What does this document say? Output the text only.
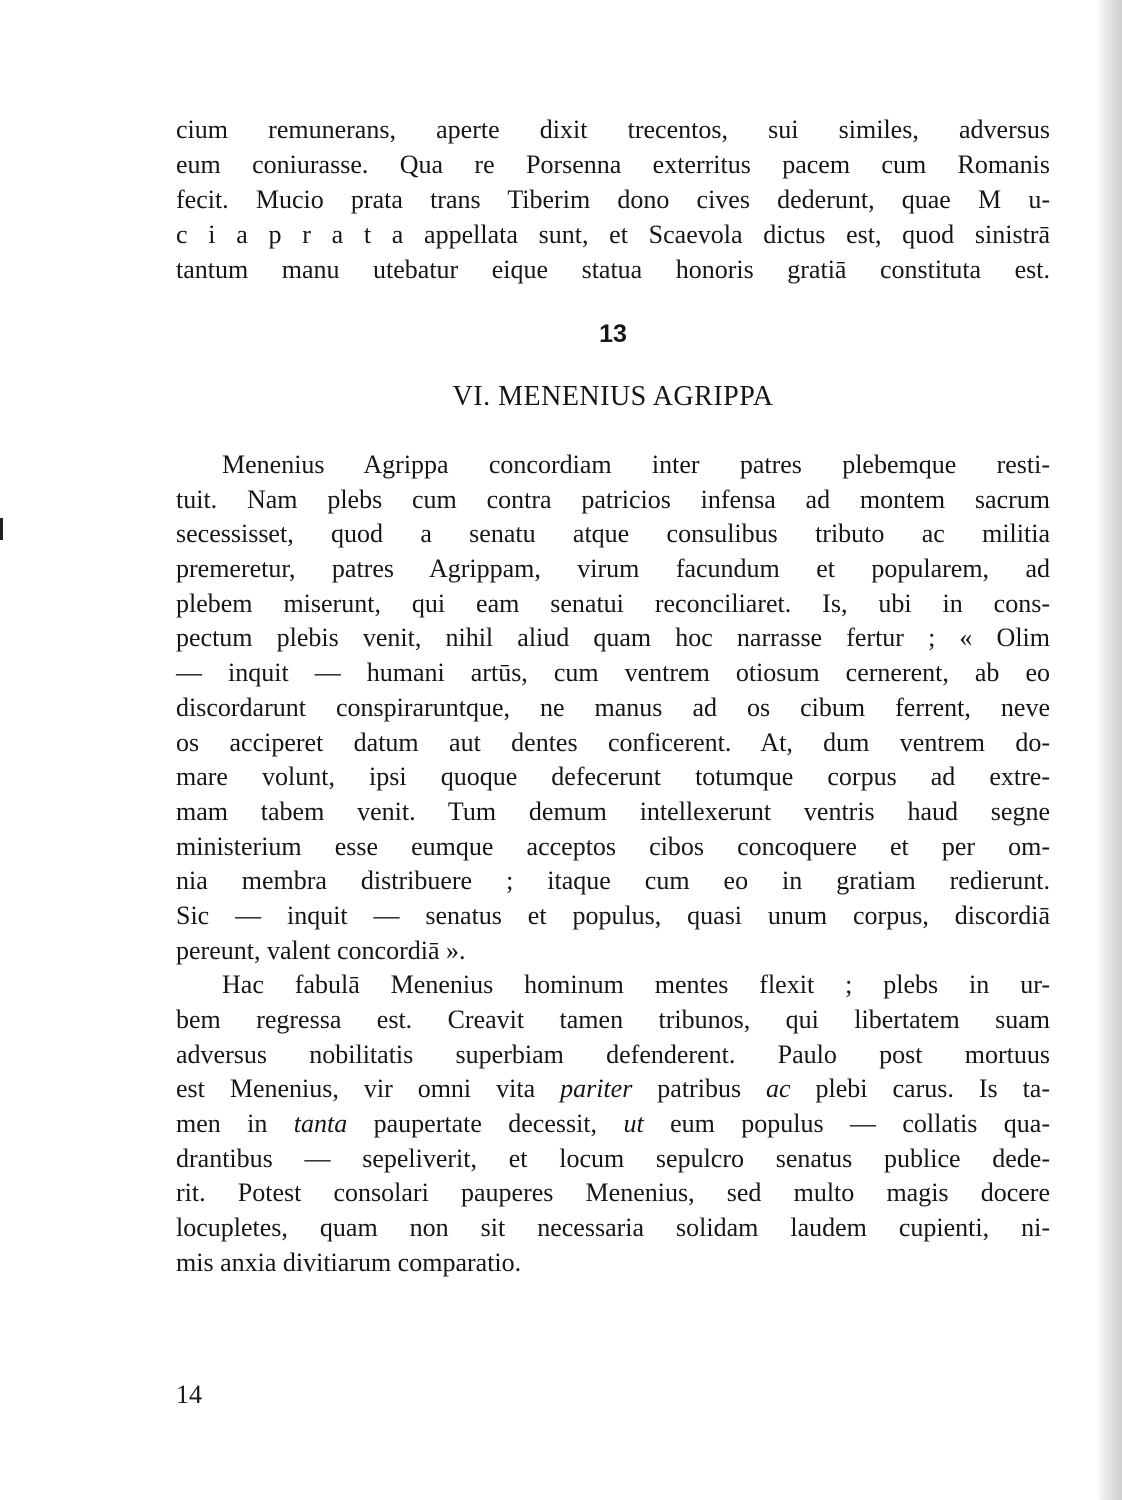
cium remunerans, aperte dixit trecentos, sui similes, adversus
eum coniurasse. Qua re Porsenna exterritus pacem cum Romanis
fecit. Mucio prata trans Tiberim dono cives dederunt, quae M u-
c i a p r a t a appellata sunt, et Scaevola dictus est, quod sinistrā
tantum manu utebatur eique statua honoris gratiā constituta est.
13
VI. MENENIUS AGRIPPA
Menenius Agrippa concordiam inter patres plebemque resti-
tuit. Nam plebs cum contra patricios infensa ad montem sacrum
secessisset, quod a senatu atque consulibus tributo ac militia
premeretur, patres Agrippam, virum facundum et popularem, ad
plebem miserunt, qui eam senatui reconciliaret. Is, ubi in cons-
pectum plebis venit, nihil aliud quam hoc narrasse fertur ; « Olim
— inquit — humani artūs, cum ventrem otiosum cernerent, ab eo
discordarunt conspirаruntque, ne manus ad os cibum ferrent, neve
os acciperet datum aut dentes conficerent. At, dum ventrem do-
mare volunt, ipsi quoque defecerunt totumque corpus ad extre-
mam tabem venit. Tum demum intellexerunt ventris haud segne
ministerium esse eumque acceptos cibos concoquere et per om-
nia membra distribuere ; itaque cum eo in gratiam redierunt.
Sic — inquit — senatus et populus, quasi unum corpus, discordiā
pereunt, valent concordiā ».
Hac fabulā Menenius hominum mentes flexit ; plebs in ur-
bem regressa est. Creavit tamen tribunos, qui libertatem suam
adversus nobilitatis superbiam defenderent. Paulo post mortuus
est Menenius, vir omni vita pariter patribus ac plebi carus. Is ta-
men in tanta paupertate decessit, ut eum populus — collatis qua-
drantibus — sepeliverit, et locum sepulcro senatus publice dede-
rit. Potest consolari pauperes Menenius, sed multo magis docere
locupletes, quam non sit necessaria solidam laudem cupienti, ni-
mis anxia divitiarum comparatio.
14
